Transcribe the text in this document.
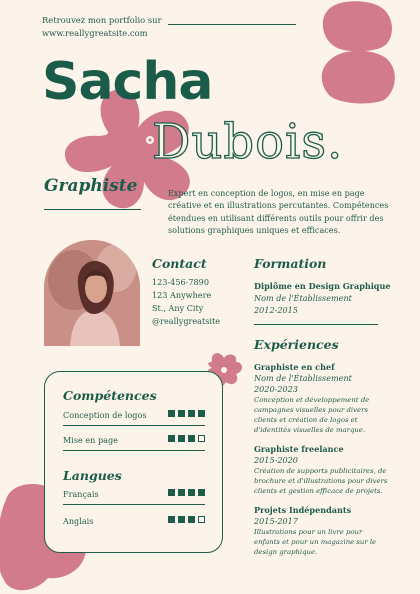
Retrouvez mon portfolio sur
www.reallygreatsite.com
Sacha
Dubois.
Graphiste	Expert en conception de logos, en mise en page créative et en illustrations percutantes. Compétences étendues en utilisant différents outils pour offrir des solutions graphiques uniques et efficaces.
Contact
123-456-7890
123 Anywhere
St., Any City
@reallygreatsite
Formation
Diplôme en Design Graphique
Nom de l'Établissement
2012-2015
Expériences
Graphiste en chef
Nom de l'Établissement
2020-2023
Conception et développement de
campagnes visuelles pour divers
clients et création de logos et
d'identités visuelles de marque.
Graphiste freelance
2015-2020
Création de supports publicitaires, de
brochure et d'illustrations pour divers
clients et gestion efficace de projets.
Projets Indépendants
2015-2017
Illustrations pour un livre pour
enfants et pour un magazine sur le
design graphique.
Compétences
Conception de logos
Mise en page
Langues
Français
Anglais
